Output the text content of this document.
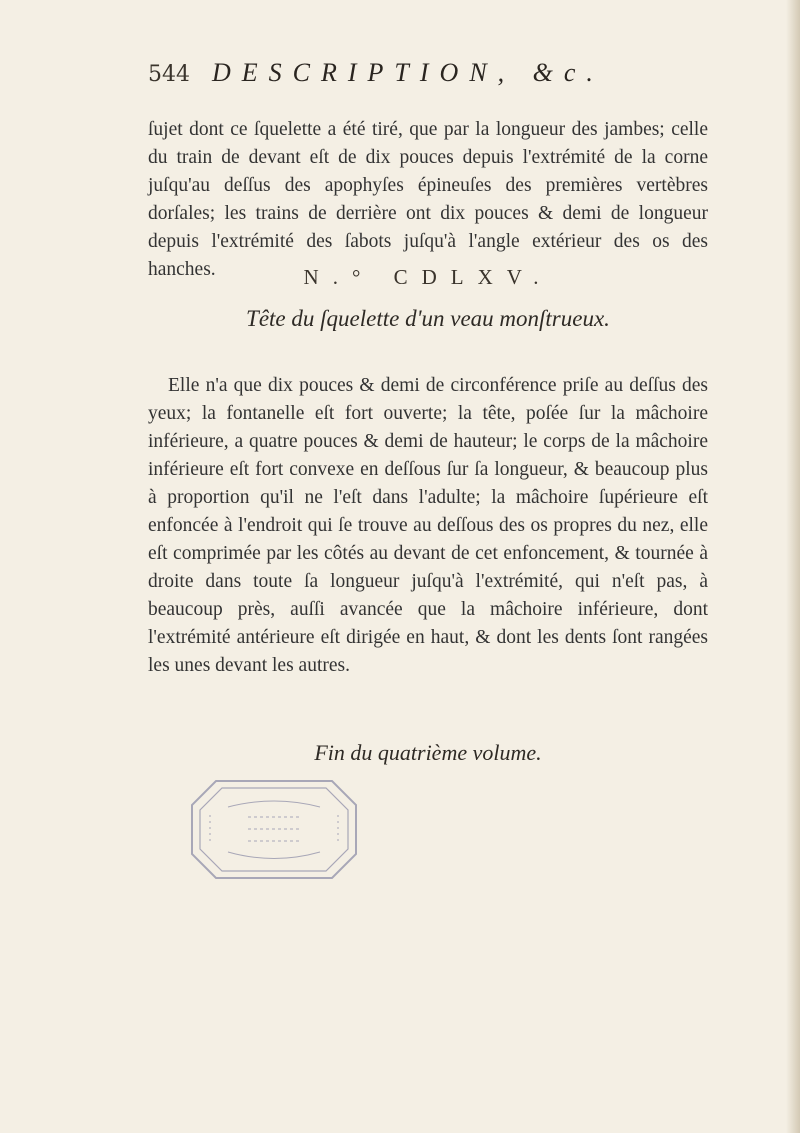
544 DESCRIPTION, &c.

ſujet dont ce ſquelette a été tiré, que par la longueur des jambes; celle du train de devant eſt de dix pouces depuis l'extrémité de la corne juſqu'au deſſus des apophyſes épineuſes des premières vertèbres dorſales; les trains de derrière ont dix pouces & demi de longueur depuis l'extrémité des ſabots juſqu'à l'angle extérieur des os des hanches.	N.° CDLXV.
Tête du ſquelette d'un veau monſtrueux.

Elle n'a que dix pouces & demi de circonférence priſe au deſſus des yeux; la fontanelle eſt fort ouverte; la tête, poſée ſur la mâchoire inférieure, a quatre pouces & demi de hauteur; le corps de la mâchoire inférieure eſt fort convexe en deſſous ſur ſa longueur, & beaucoup plus à proportion qu'il ne l'eſt dans l'adulte; la mâchoire ſupérieure eſt enfoncée à l'endroit qui ſe trouve au deſſous des os propres du nez, elle eſt comprimée par les côtés au devant de cet enfoncement, & tournée à droite dans toute ſa longueur juſqu'à l'extrémité, qui n'eſt pas, à beaucoup près, auſſi avancée que la mâchoire inférieure, dont l'extrémité antérieure eſt dirigée en haut, & dont les dents ſont rangées les unes devant les autres.

Fin du quatrième volume.
